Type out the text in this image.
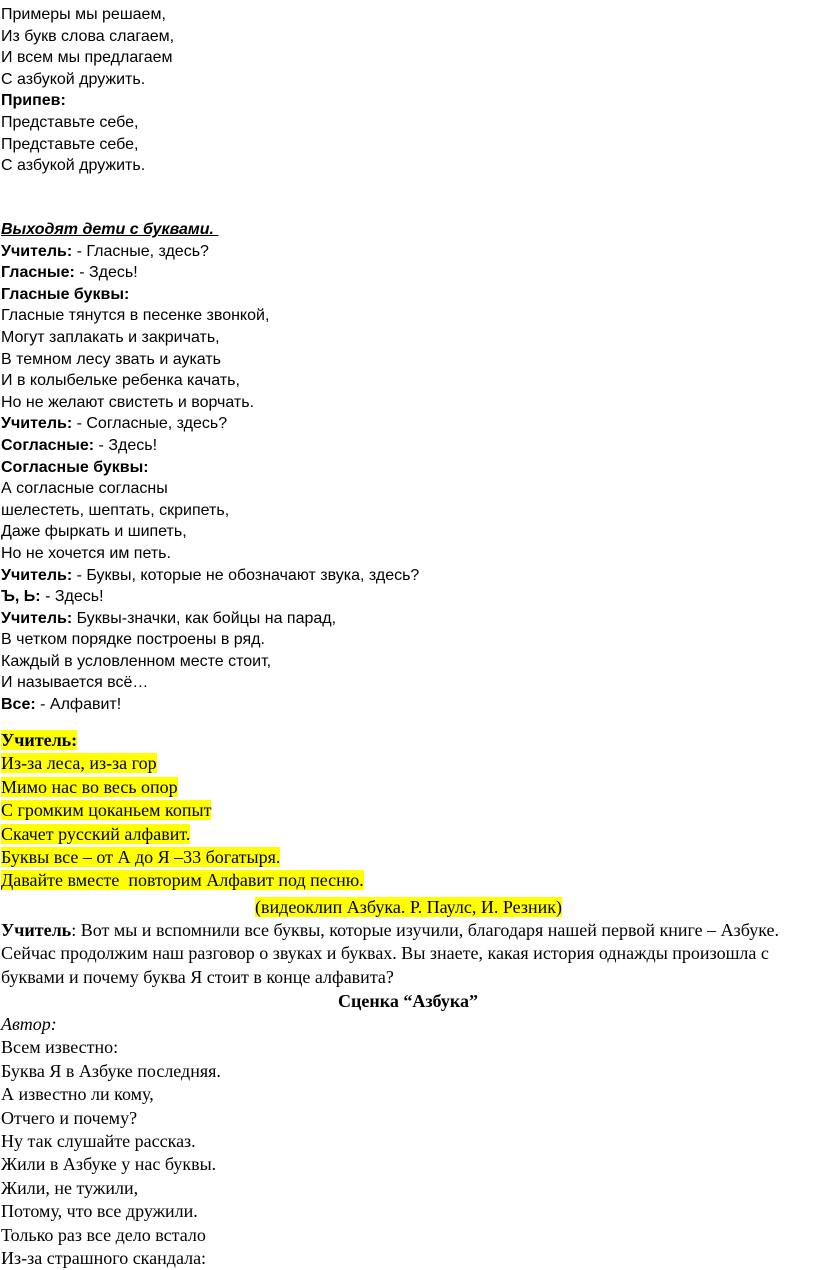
Примеры мы решаем,
Из букв слова слагаем,
И всем мы предлагаем
С азбукой дружить.
Припев:
Представьте себе,
Представьте себе,
С азбукой дружить.
Выходят дети с буквами.
Учитель: - Гласные, здесь?
Гласные: - Здесь!
Гласные буквы:
Гласные тянутся в песенке звонкой,
Могут заплакать и закричать,
В темном лесу звать и аукать
И в колыбельке ребенка качать,
Но не желают свистеть и ворчать.
Учитель: - Согласные, здесь?
Согласные: - Здесь!
Согласные буквы:
А согласные согласны
шелестеть, шептать, скрипеть,
Даже фыркать и шипеть,
Но не хочется им петь.
Учитель: - Буквы, которые не обозначают звука, здесь?
Ъ, Ь: - Здесь!
Учитель: Буквы-значки, как бойцы на парад,
В четком порядке построены в ряд.
Каждый в условленном месте стоит,
И называется всё…
Все: - Алфавит!
Учитель:
Из-за леса, из-за гор
Мимо нас во весь опор
С громким цоканьем копыт
Скачет русский алфавит.
Буквы все – от А до Я –33 богатыря.
Давайте вместе  повторим Алфавит под песню.
(видеоклип Азбука. Р. Паулс, И. Резник)
Учитель: Вот мы и вспомнили все буквы, которые изучили, благодаря нашей первой книге – Азбуке. Сейчас продолжим наш разговор о звуках и буквах. Вы знаете, какая история однажды произошла с буквами и почему буква Я стоит в конце алфавита?
Сценка “Азбука”
Автор:
Всем известно:
Буква Я в Азбуке последняя.
А известно ли кому,
Отчего и почему?
Ну так слушайте рассказ.
Жили в Азбуке у нас буквы.
Жили, не тужили,
Потому, что все дружили.
Только раз все дело встало
Из-за страшного скандала:
